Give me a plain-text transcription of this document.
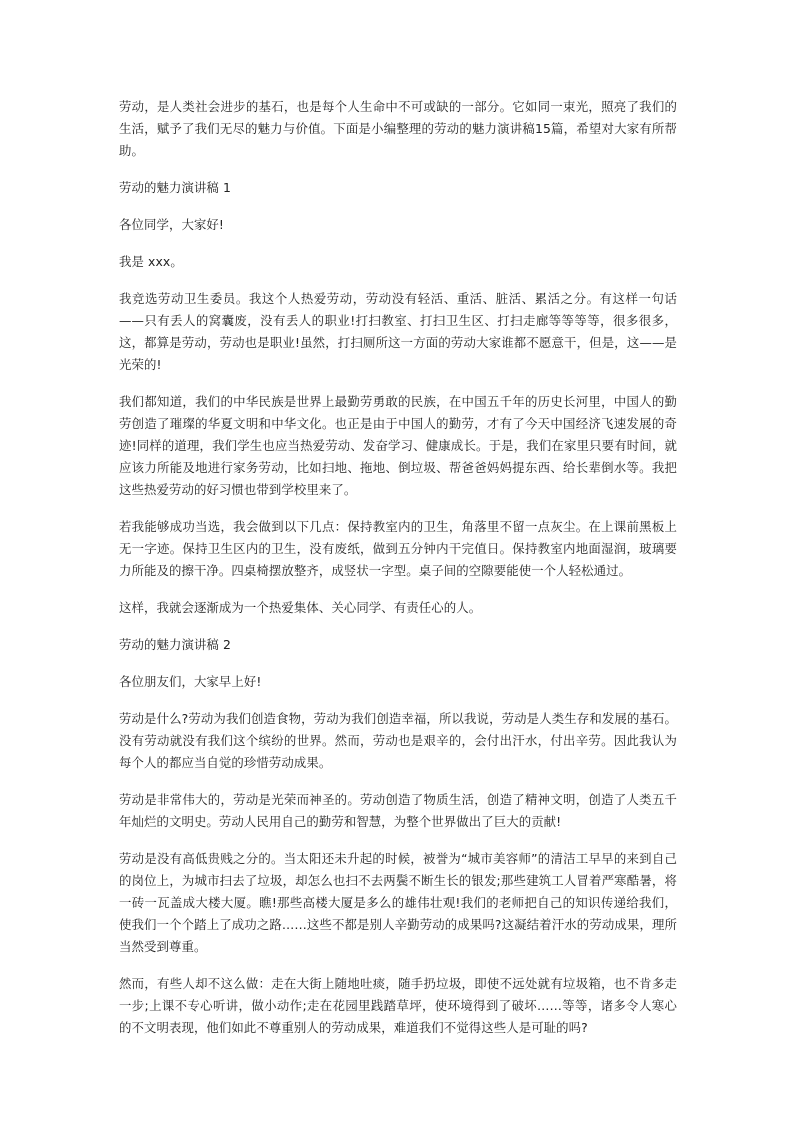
劳动，是人类社会进步的基石，也是每个人生命中不可或缺的一部分。它如同一束光，照亮了我们的生活，赋予了我们无尽的魅力与价值。下面是小编整理的劳动的魅力演讲稿15篇，希望对大家有所帮助。

劳动的魅力演讲稿 1

各位同学，大家好!

我是 xxx。

我竞选劳动卫生委员。我这个人热爱劳动，劳动没有轻活、重活、脏活、累活之分。有这样一句话——只有丢人的窝囊废，没有丢人的职业!打扫教室、打扫卫生区、打扫走廊等等等等，很多很多，这，都算是劳动，劳动也是职业!虽然，打扫厕所这一方面的劳动大家谁都不愿意干，但是，这——是光荣的!

我们都知道，我们的中华民族是世界上最勤劳勇敢的民族，在中国五千年的历史长河里，中国人的勤劳创造了璀璨的华夏文明和中华文化。也正是由于中国人的勤劳，才有了今天中国经济飞速发展的奇迹!同样的道理，我们学生也应当热爱劳动、发奋学习、健康成长。于是，我们在家里只要有时间，就应该力所能及地进行家务劳动，比如扫地、拖地、倒垃圾、帮爸爸妈妈提东西、给长辈倒水等。我把这些热爱劳动的好习惯也带到学校里来了。

若我能够成功当选，我会做到以下几点：保持教室内的卫生，角落里不留一点灰尘。在上课前黑板上无一字迹。保持卫生区内的卫生，没有废纸，做到五分钟内干完值日。保持教室内地面湿润，玻璃要力所能及的擦干净。四桌椅摆放整齐，成竖状一字型。桌子间的空隙要能使一个人轻松通过。

这样，我就会逐渐成为一个热爱集体、关心同学、有责任心的人。

劳动的魅力演讲稿 2

各位朋友们，大家早上好!

劳动是什么?劳动为我们创造食物，劳动为我们创造幸福，所以我说，劳动是人类生存和发展的基石。没有劳动就没有我们这个缤纷的世界。然而，劳动也是艰辛的，会付出汗水，付出辛劳。因此我认为每个人的都应当自觉的珍惜劳动成果。

劳动是非常伟大的，劳动是光荣而神圣的。劳动创造了物质生活，创造了精神文明，创造了人类五千年灿烂的文明史。劳动人民用自己的勤劳和智慧，为整个世界做出了巨大的贡献!

劳动是没有高低贵贱之分的。当太阳还未升起的时候，被誉为“城市美容师”的清洁工早早的来到自己的岗位上，为城市扫去了垃圾，却怎么也扫不去两鬓不断生长的银发;那些建筑工人冒着严寒酷暑，将一砖一瓦盖成大楼大厦。瞧!那些高楼大厦是多么的雄伟壮观!我们的老师把自己的知识传递给我们，使我们一个个踏上了成功之路……这些不都是别人辛勤劳动的成果吗?这凝结着汗水的劳动成果，理所当然受到尊重。

然而，有些人却不这么做：走在大街上随地吐痰，随手扔垃圾，即使不远处就有垃圾箱，也不肯多走一步;上课不专心听讲，做小动作;走在花园里践踏草坪，使环境得到了破坏……等等，诸多令人寒心的不文明表现，他们如此不尊重别人的劳动成果，难道我们不觉得这些人是可耻的吗?
